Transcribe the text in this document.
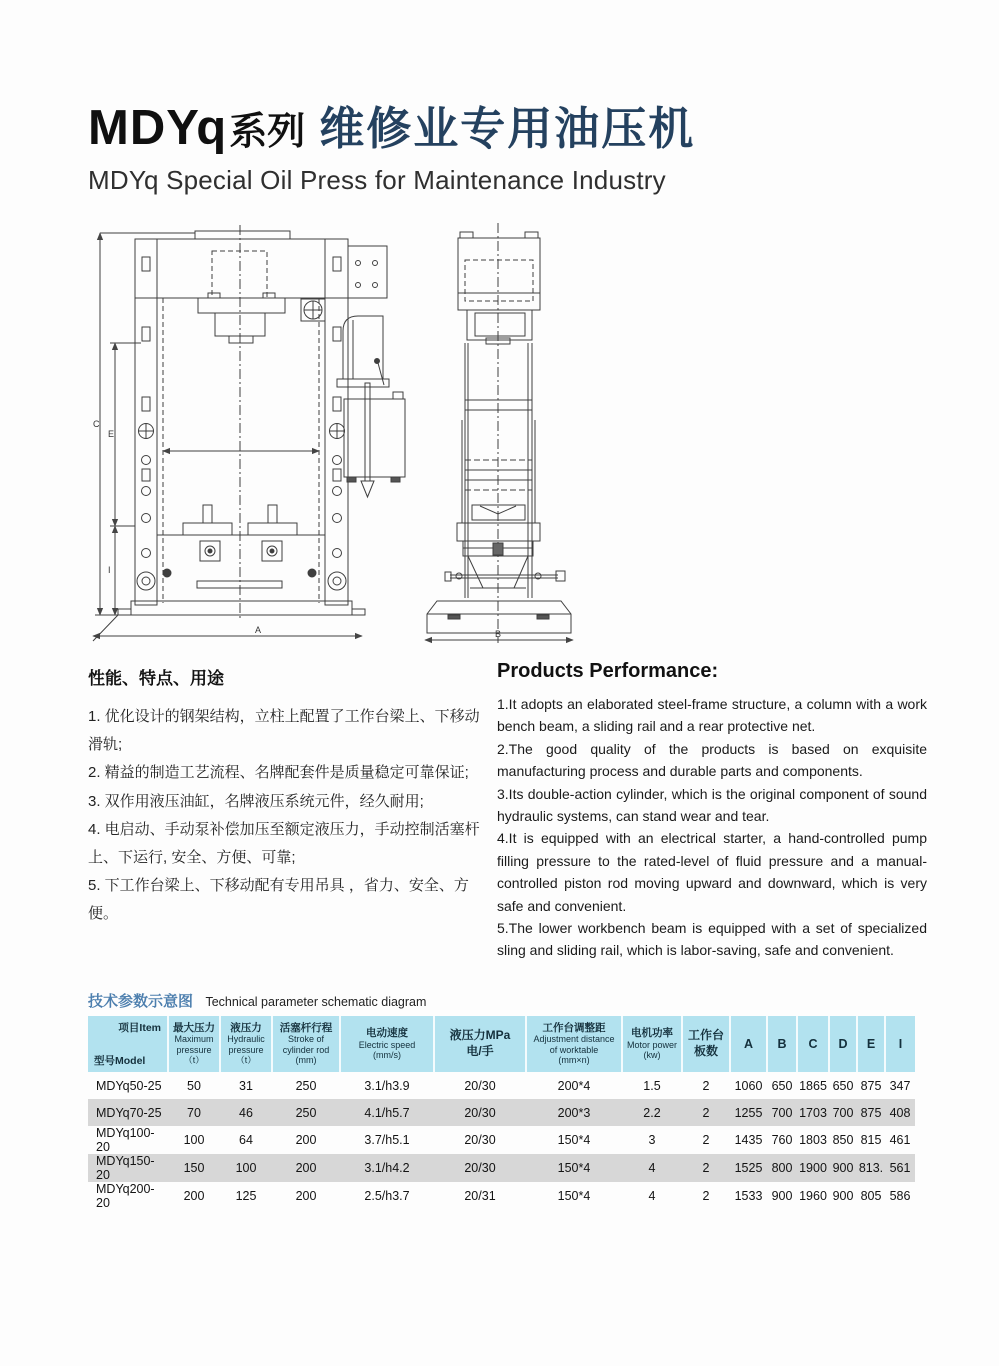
MDYq 系列 维修业专用油压机
MDYq Special Oil Press for Maintenance Industry
C
E
I
A	B
性能、特点、用途

1. 优化设计的钢架结构，立柱上配置了工作台梁上、下移动滑轨;

2. 精益的制造工艺流程、名牌配套件是质量稳定可靠保证;

3. 双作用液压油缸，名牌液压系统元件，经久耐用;

4. 电启动、手动泵补偿加压至额定液压力，手动控制活塞杆上、下运行, 安全、方便、可靠;

5. 下工作台梁上、下移动配有专用吊具 ，省力、安全、方便。

Products Performance:

1.It adopts an elaborated steel-frame structure, a column with a work bench beam, a sliding rail and a rear protective net.

2.The good quality of the products is based on exquisite manufacturing process and durable parts and components.

3.Its double-action cylinder, which is the original component of sound hydraulic systems, can stand wear and tear.

4.It is equipped with an electrical starter, a hand-controlled pump filling pressure to the rated-level of fluid pressure and a manual-controlled piston rod moving upward and downward, which is very safe and convenient.

5.The lower workbench beam is equipped with a set of specialized sling and sliding rail, which is labor-saving, safe and convenient.

技术参数示意图 Technical parameter schematic diagram
项目Item
型号Model	最大压力
Maximum
pressure
（t）	液压力
Hydraulic
pressure
（t）	活塞杆行程
Stroke of
cylinder rod
(mm)	电动速度
Electric speed
(mm/s)	液压力MPa
电/手	工作台调整距
Adjustment distance
of worktable
(mm×n)	电机功率
Motor power
(kw)	工作台
板数	A	B	C	D	E	I
MDYq50-25	50	31	250	3.1/h3.9	20/30	200*4	1.5	2	1060	650	1865	650	875	347
MDYq70-25	70	46	250	4.1/h5.7	20/30	200*3	2.2	2	1255	700	1703	700	875	408
MDYq100-20	100	64	200	3.7/h5.1	20/30	150*4	3	2	1435	760	1803	850	815	461
MDYq150-20	150	100	200	3.1/h4.2	20/30	150*4	4	2	1525	800	1900	900	813.	561
MDYq200-20	200	125	200	2.5/h3.7	20/31	150*4	4	2	1533	900	1960	900	805	586
